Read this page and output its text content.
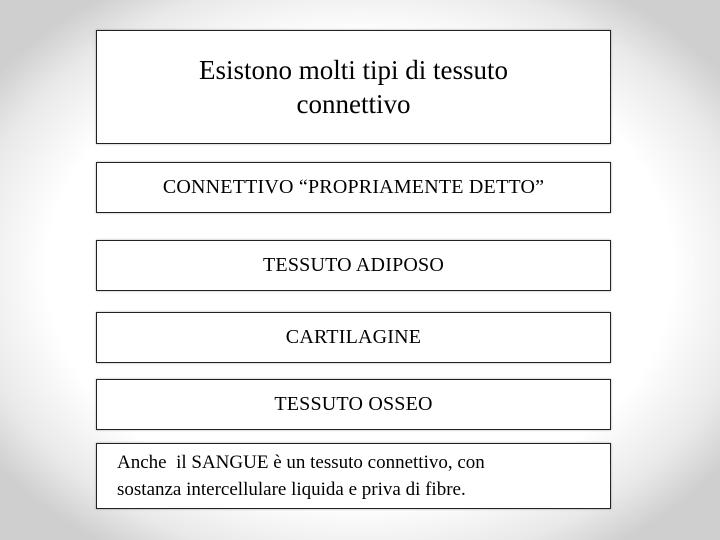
Esistono molti tipi di tessuto
connettivo
CONNETTIVO “PROPRIAMENTE DETTO”
TESSUTO ADIPOSO
CARTILAGINE
TESSUTO OSSEO
Anche  il SANGUE è un tessuto connettivo, con
sostanza intercellulare liquida e priva di fibre.
